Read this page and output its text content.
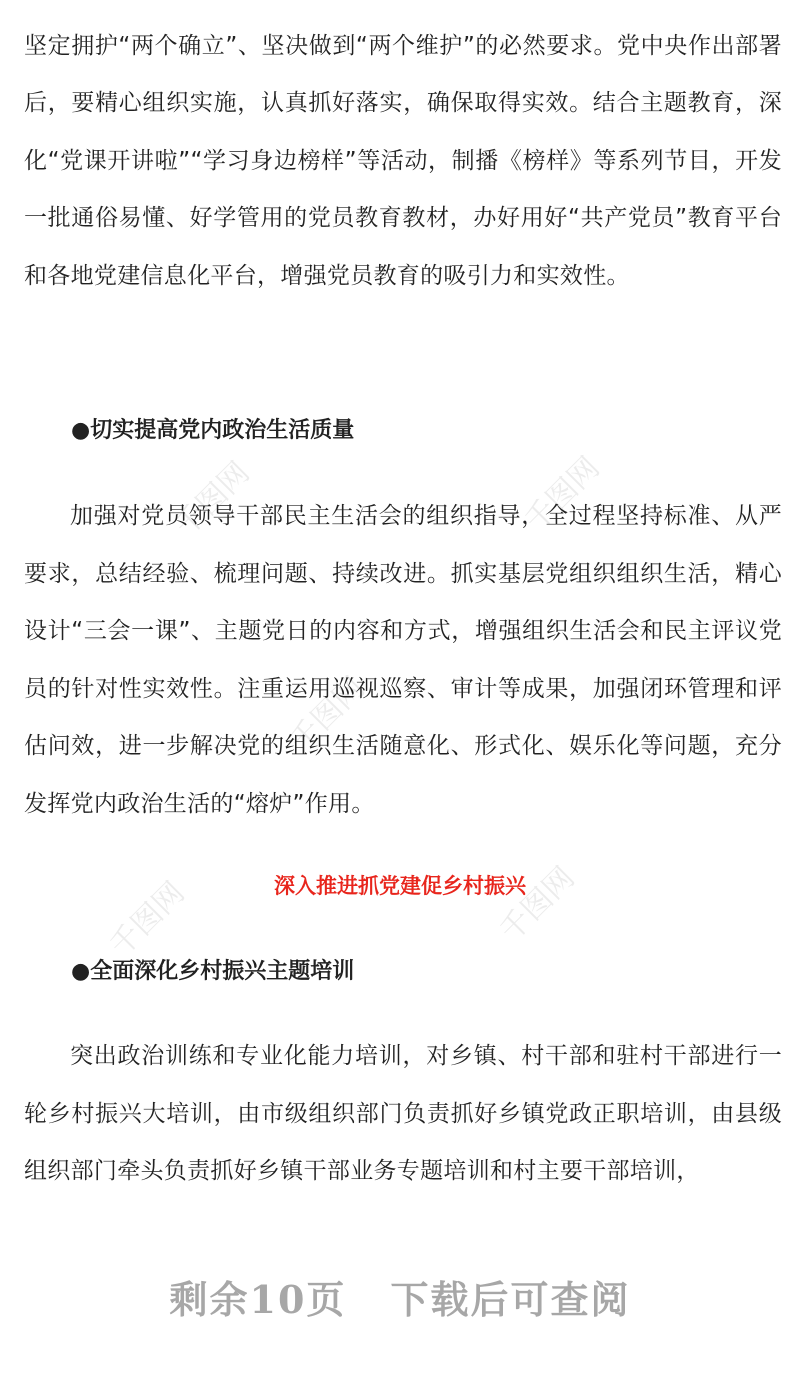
千图网	千图网
千图网
千图网	千图网

坚定拥护“两个确立”、坚决做到“两个维护”的必然要求。党中央作出部署后，要精心组织实施，认真抓好落实，确保取得实效。结合主题教育，深化“党课开讲啦”“学习身边榜样”等活动，制播《榜样》等系列节目，开发一批通俗易懂、好学管用的党员教育教材，办好用好“共产党员”教育平台和各地党建信息化平台，增强党员教育的吸引力和实效性。

●切实提高党内政治生活质量

加强对党员领导干部民主生活会的组织指导，全过程坚持标准、从严要求，总结经验、梳理问题、持续改进。抓实基层党组织组织生活，精心设计“三会一课”、主题党日的内容和方式，增强组织生活会和民主评议党员的针对性实效性。注重运用巡视巡察、审计等成果，加强闭环管理和评估问效，进一步解决党的组织生活随意化、形式化、娱乐化等问题，充分发挥党内政治生活的“熔炉”作用。

深入推进抓党建促乡村振兴
●全面深化乡村振兴主题培训

突出政治训练和专业化能力培训，对乡镇、村干部和驻村干部进行一轮乡村振兴大培训，由市级组织部门负责抓好乡镇党政正职培训，由县级组织部门牵头负责抓好乡镇干部业务专题培训和村主要干部培训，

剩余10页 下载后可查阅
